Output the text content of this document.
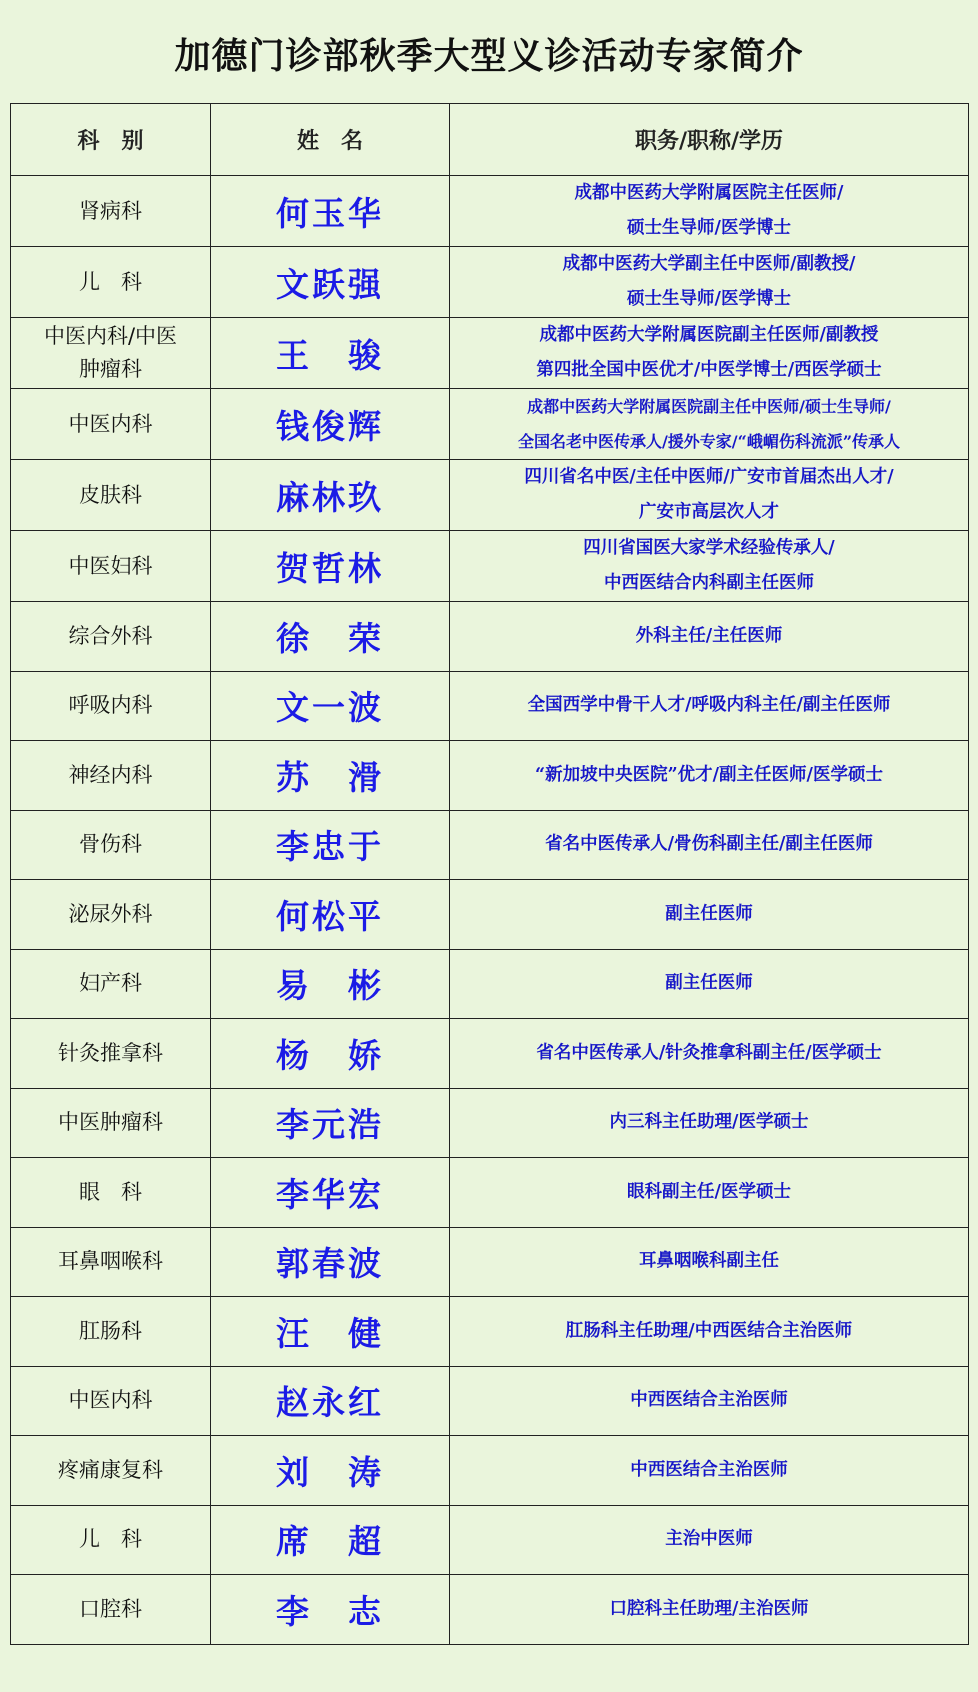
加德门诊部秋季大型义诊活动专家简介
科　别	姓　名	职务/职称/学历
肾病科	何玉华	成都中医药大学附属医院主任医师/
硕士生导师/医学博士

儿　科	文跃强	成都中医药大学副主任中医师/副教授/
硕士生导师/医学博士

中医内科/中医肿瘤科	王　骏	成都中医药大学附属医院副主任医师/副教授
第四批全国中医优才/中医学博士/西医学硕士

中医内科	钱俊辉	成都中医药大学附属医院副主任中医师/硕士生导师/
全国名老中医传承人/援外专家/“峨嵋伤科流派”传承人

皮肤科	麻林玖	四川省名中医/主任中医师/广安市首届杰出人才/
广安市高层次人才

中医妇科	贺哲林	四川省国医大家学术经验传承人/
中西医结合内科副主任医师

综合外科	徐　荣	外科主任/主任医师

呼吸内科	文一波	全国西学中骨干人才/呼吸内科主任/副主任医师

神经内科	苏　滑	“新加坡中央医院”优才/副主任医师/医学硕士

骨伤科	李忠于	省名中医传承人/骨伤科副主任/副主任医师

泌尿外科	何松平	副主任医师

妇产科	易　彬	副主任医师

针灸推拿科	杨　娇	省名中医传承人/针灸推拿科副主任/医学硕士

中医肿瘤科	李元浩	内三科主任助理/医学硕士

眼　科	李华宏	眼科副主任/医学硕士

耳鼻咽喉科	郭春波	耳鼻咽喉科副主任

肛肠科	汪　健	肛肠科主任助理/中西医结合主治医师

中医内科	赵永红	中西医结合主治医师

疼痛康复科	刘　涛	中西医结合主治医师

儿　科	席　超	主治中医师

口腔科	李　志	口腔科主任助理/主治医师
